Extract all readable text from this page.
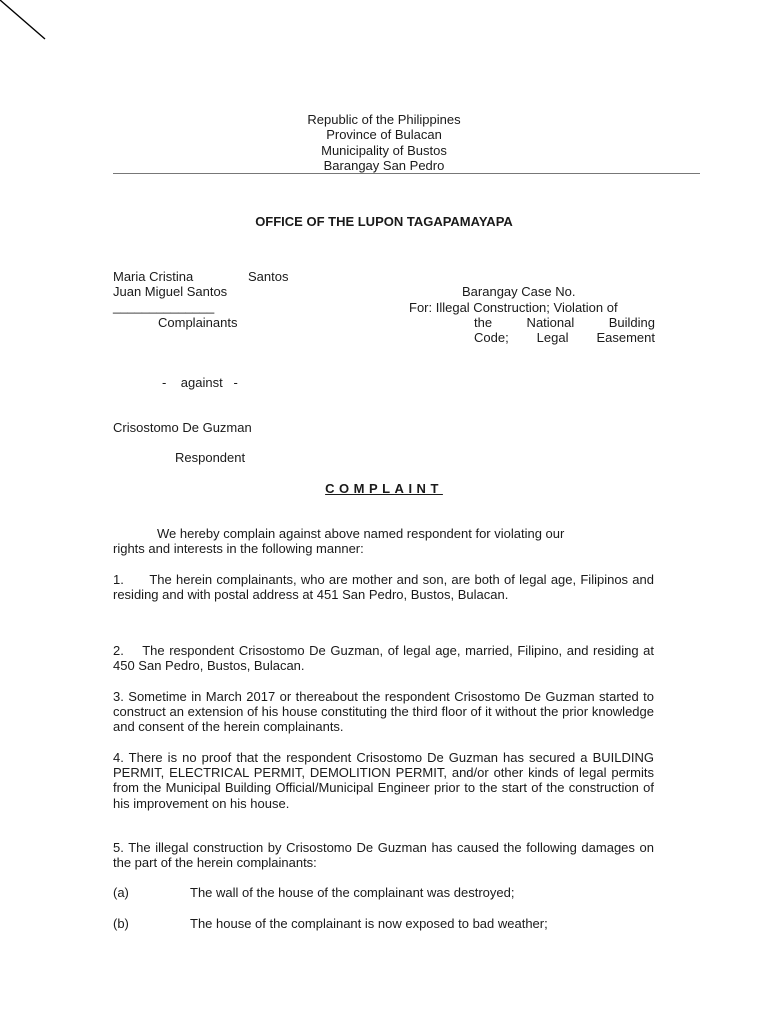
Republic of the Philippines
Province of Bulacan
Municipality of Bustos
Barangay San Pedro
OFFICE OF THE LUPON TAGAPAMAYAPA
Maria Cristina	Santos
Juan Miguel Santos
______________
Complainants
Barangay Case No.
For: Illegal Construction; Violation of
the National Building
Code; Legal Easement
-    against   -
Crisostomo De Guzman
Respondent
COMPLAINT
We hereby complain against above named respondent for violating our
rights and interests in the following manner:
1.      The herein complainants, who are mother and son, are both of legal age, Filipinos and residing and with postal address at 451 San Pedro, Bustos, Bulacan.
2.    The respondent Crisostomo De Guzman, of legal age, married, Filipino, and residing at 450 San Pedro, Bustos, Bulacan.
3. Sometime in March 2017 or thereabout the respondent Crisostomo De Guzman started to construct an extension of his house constituting the third floor of it without the prior knowledge and consent of the herein complainants.
4. There is no proof that the respondent Crisostomo De Guzman has secured a BUILDING PERMIT, ELECTRICAL PERMIT, DEMOLITION PERMIT, and/or other kinds of legal permits from the Municipal Building Official/Municipal Engineer prior to the start of the construction of his improvement on his house.
5. The illegal construction by Crisostomo De Guzman has caused the following damages on the part of the herein complainants:
(a)	The wall of the house of the complainant was destroyed;
(b)	The house of the complainant is now exposed to bad weather;
